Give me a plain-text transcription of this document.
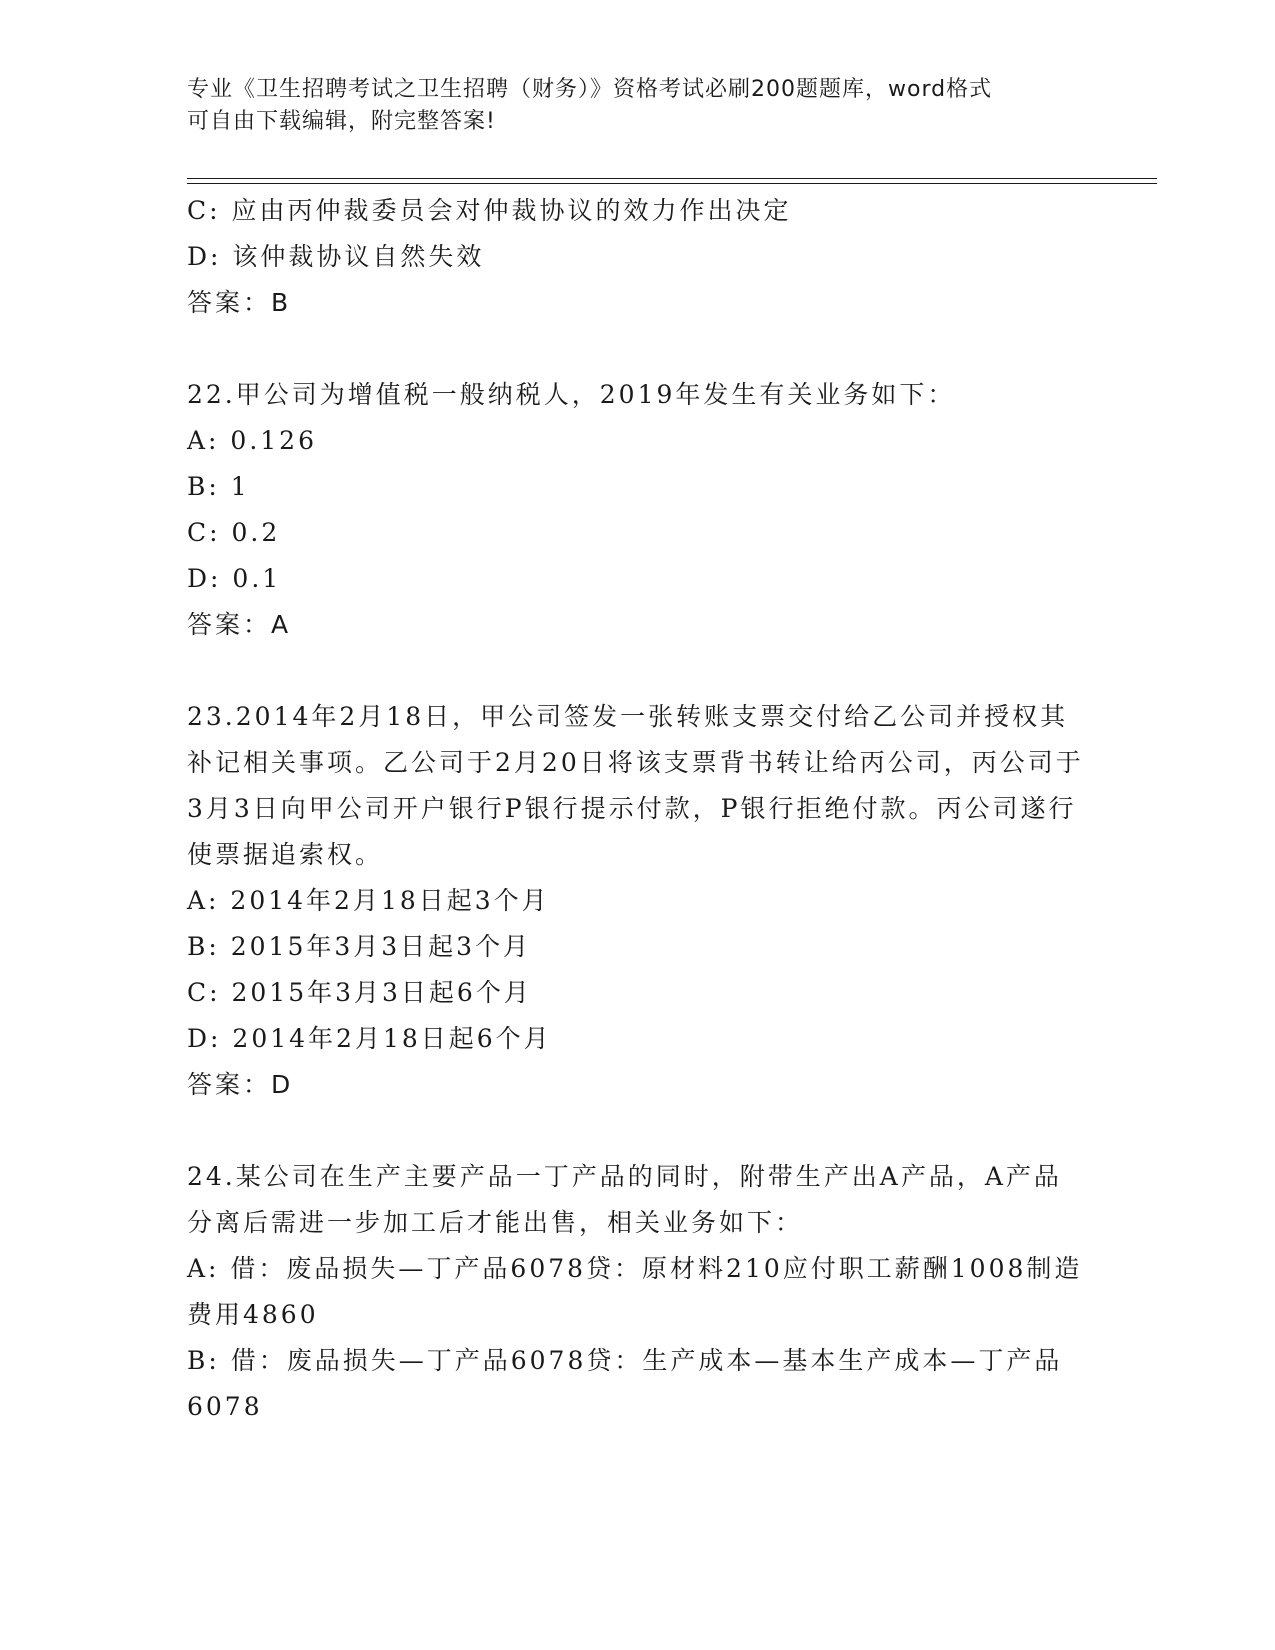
专业《卫生招聘考试之卫生招聘（财务）》资格考试必刷200题题库，word格式
可自由下载编辑，附完整答案!
C: 应由丙仲裁委员会对仲裁协议的效力作出决定
D: 该仲裁协议自然失效
答案：B
22.甲公司为增值税一般纳税人，2019年发生有关业务如下：
A: 0.126
B: 1
C: 0.2
D: 0.1
答案：A
23.2014年2月18日，甲公司签发一张转账支票交付给乙公司并授权其补记相关事项。乙公司于2月20日将该支票背书转让给丙公司，丙公司于3月3日向甲公司开户银行P银行提示付款，P银行拒绝付款。丙公司遂行使票据追索权。
A: 2014年2月18日起3个月
B: 2015年3月3日起3个月
C: 2015年3月3日起6个月
D: 2014年2月18日起6个月
答案：D
24.某公司在生产主要产品一丁产品的同时，附带生产出A产品，A产品分离后需进一步加工后才能出售，相关业务如下：
A: 借：废品损失—丁产品6078贷：原材料210应付职工薪酬1008制造费用4860
B: 借：废品损失—丁产品6078贷：生产成本—基本生产成本—丁产品6078
